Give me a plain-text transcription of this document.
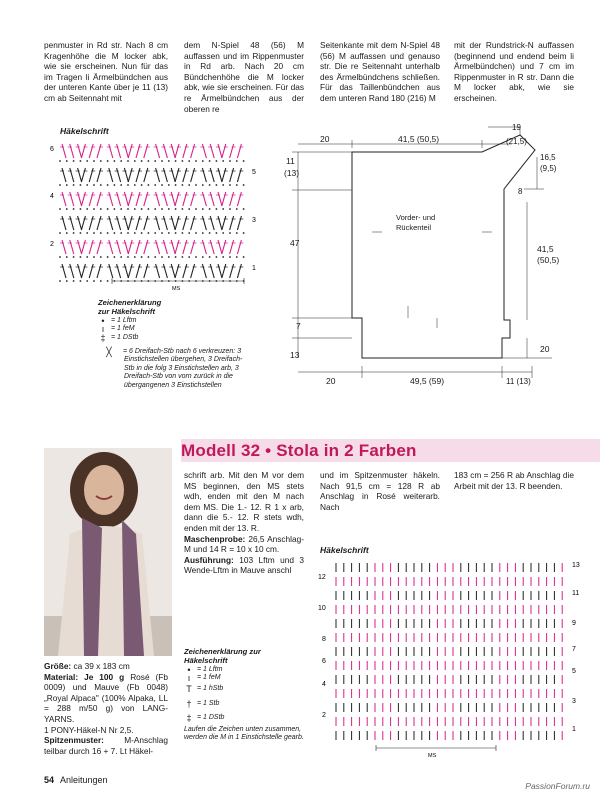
penmuster in Rd str. Nach 8 cm Kragenhöhe die M locker abk, wie sie erscheinen. Nun für das im Tragen li Ärmelbündchen aus der unteren Kante über je 11 (13) cm ab Seitennaht mit

dem N-Spiel 48 (56) M auffassen und im Rippenmuster in Rd arb. Nach 20 cm Bündchenhöhe die M locker abk, wie sie erscheinen. Für das re Ärmelbündchen aus der oberen re

Seitenkante mit dem N-Spiel 48 (56) M auffassen und genauso str. Die re Seitennaht unterhalb des Ärmelbündchens schließen. Für das Taillenbündchen aus dem unteren Rand 180 (216) M

mit der Rundstrick-N auffassen (beginnend und endend beim li Ärmelbündchen) und 7 cm im Rippenmuster in R str. Dann die M locker abk, wie sie erscheinen.

Häkelschrift
6
4
2
5
3
1
MS
Zeichenerklärung
zur Häkelschrift
• = 1 Lftm
ı = 1 feM
‡ = 1 DStb
╳	= 6 Dreifach-Stb nach 6 verkreuzen: 3
Einstichstellen übergehen, 3 Dreifach-Stb in die folg 3 Einstichstellen arb, 3 Dreifach-Stb von vorn zurück in die übergangenen 3 Einstichstellen
20	41,5 (50,5)
19
(21,5)
11
(13)
16,5
(9,5)
8
Vorder- und
Rückenteil
47
41,5
(50,5)
7
13
20
20	49,5 (59)	11 (13)
Modell 32 • Stola in 2 Farben

Größe: ca 39 x 183 cm

Material: Je 100 g Rosé (Fb 0009) und Mauve (Fb 0048) „Royal Alpaca" (100% Alpaka, LL = 288 m/50 g) von LANG-YARNS.

1 PONY-Häkel-N Nr 2,5.

Spitzenmuster: M-Anschlag teilbar durch 16 + 7. Lt Häkel-

schrift arb. Mit den M vor dem MS beginnen, den MS stets wdh, enden mit den M nach dem MS. Die 1.- 12. R 1 x arb, dann die 5.- 12. R stets wdh, enden mit der 13. R.

Maschenprobe: 26,5 Anschlag-M und 14 R = 10 x 10 cm.

Ausführung: 103 Lftm und 3 Wende-Lftm in Mauve anschl

und im Spitzenmuster häkeln. Nach 91,5 cm = 128 R ab Anschlag in Rosé weiterarb. Nach

183 cm = 256 R ab Anschlag die Arbeit mit der 13. R beenden.

Zeichenerklärung zur
Häkelschrift
• = 1 Lftm
ı = 1 feM
T = 1 hStb
† = 1 Stb
‡ = 1 DStb
Laufen die Zeichen unten zusammen, werden die M in 1 Einstichstelle gearb.
Häkelschrift
12
10
8
6
4
2
13
11
9
7
5
3
1
MS
54 Anleitungen
PassionForum.ru
